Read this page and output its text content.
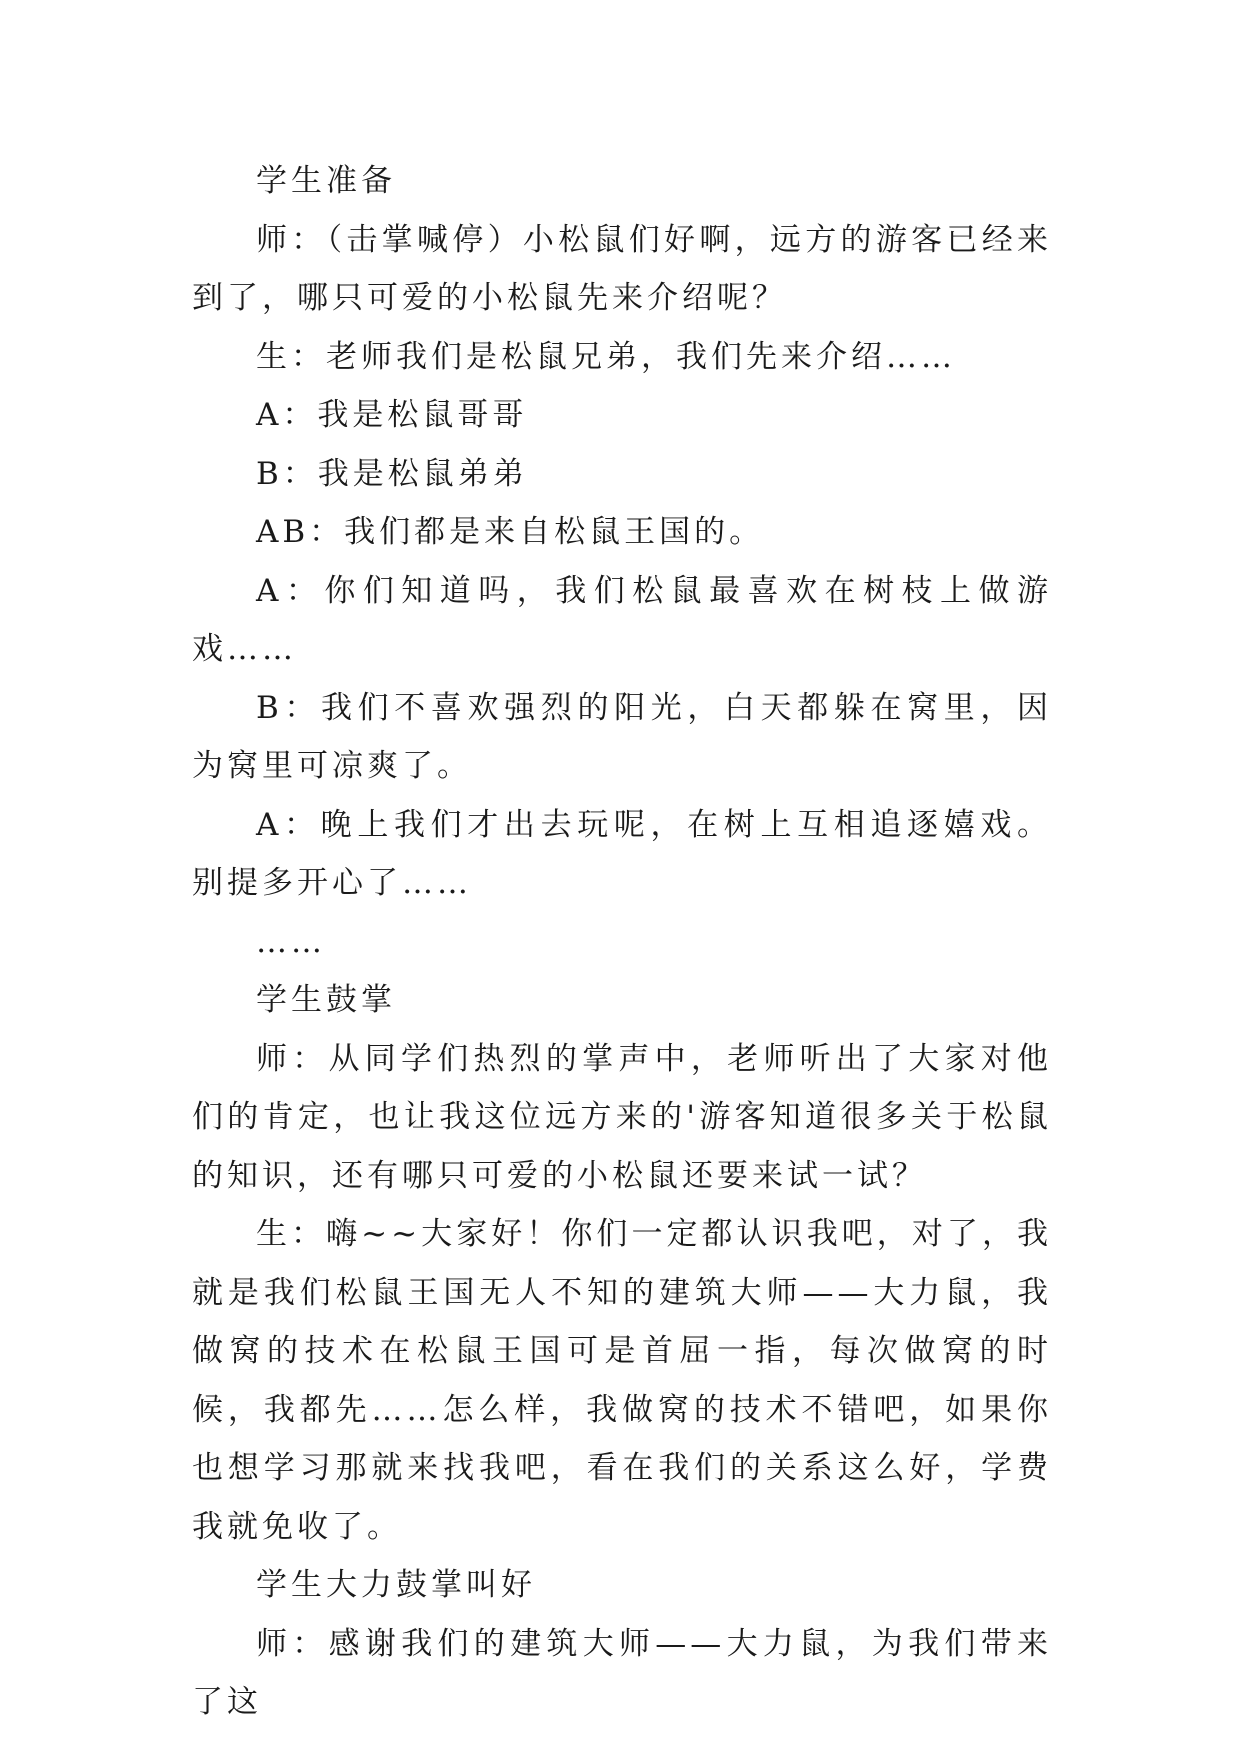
学生准备

师：（击掌喊停）小松鼠们好啊，远方的游客已经来到了，哪只可爱的小松鼠先来介绍呢？

生：老师我们是松鼠兄弟，我们先来介绍……

A：我是松鼠哥哥

B：我是松鼠弟弟

AB：我们都是来自松鼠王国的。

A：你们知道吗，我们松鼠最喜欢在树枝上做游戏……

B：我们不喜欢强烈的阳光，白天都躲在窝里，因为窝里可凉爽了。

A：晚上我们才出去玩呢，在树上互相追逐嬉戏。别提多开心了……

……

学生鼓掌

师：从同学们热烈的掌声中，老师听出了大家对他们的肯定，也让我这位远方来的'游客知道很多关于松鼠的知识，还有哪只可爱的小松鼠还要来试一试？

生：嗨~~大家好！你们一定都认识我吧，对了，我就是我们松鼠王国无人不知的建筑大师——大力鼠，我做窝的技术在松鼠王国可是首屈一指，每次做窝的时候，我都先……怎么样，我做窝的技术不错吧，如果你也想学习那就来找我吧，看在我们的关系这么好，学费我就免收了。

学生大力鼓掌叫好

师：感谢我们的建筑大师——大力鼠，为我们带来了这
